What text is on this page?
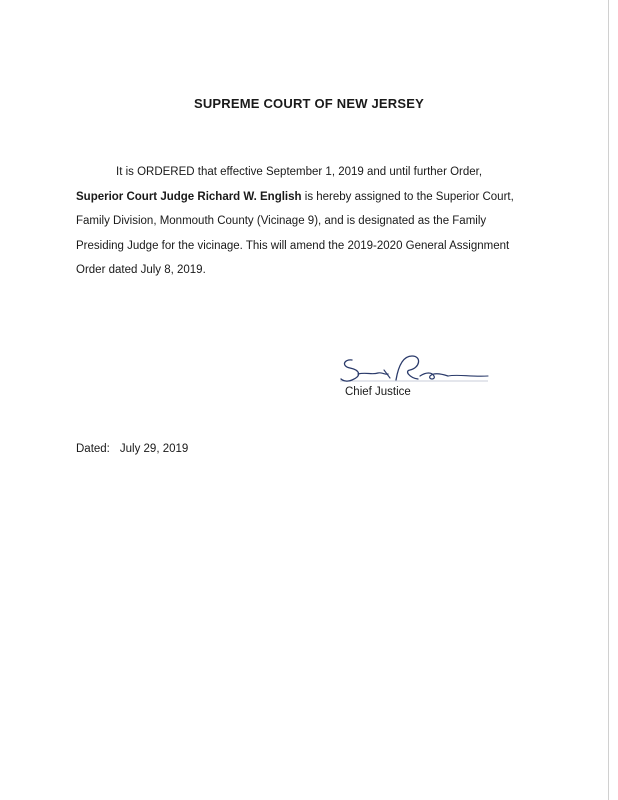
SUPREME COURT OF NEW JERSEY

It is ORDERED that effective September 1, 2019 and until further Order,

Superior Court Judge Richard W. English is hereby assigned to the Superior Court,

Family Division, Monmouth County (Vicinage 9), and is designated as the Family

Presiding Judge for the vicinage. This will amend the 2019-2020 General Assignment

Order dated July 8, 2019.

Chief Justice
Dated: July 29, 2019
